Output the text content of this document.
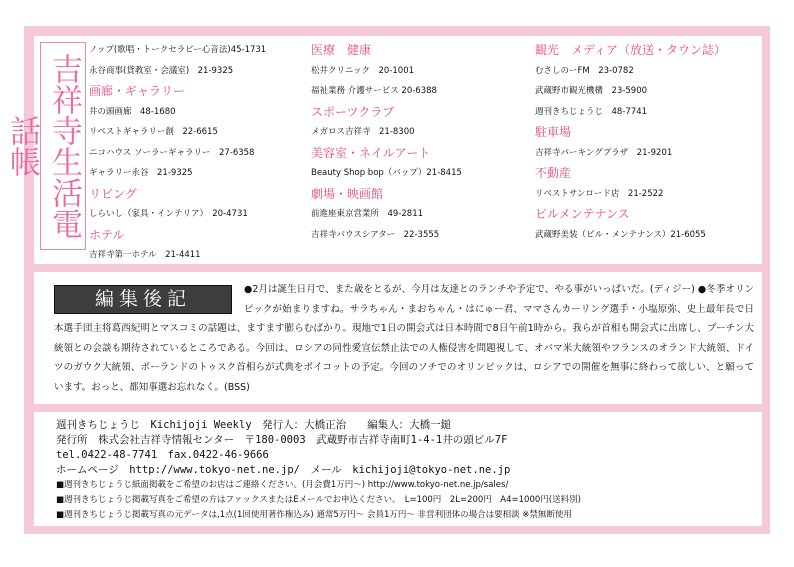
吉祥寺生活電話帳
ノップ(歌唱・トークセラピー心音法)45-1731
永谷商事(貸教室・会議室)　21-9325
画廊・ギャラリー
井の頭画廊　48-1680
リベストギャラリー創　22-6615
ニコハウス ソーラーギャラリー　27-6358
ギャラリー永谷　21-9325
リビング
しらいし（家具・インテリア）　20-4731
ホテル
吉祥寺第一ホテル　21-4411
医療　健康
松井クリニック　20-1001
福祉業務 介護サービス 20-6388
スポーツクラブ
メガロス吉祥寺　21-8300
美容室・ネイルアート
Beauty Shop bop（バップ）21-8415
劇場・映画館
前進座東京営業所　49-2811
吉祥寺バウスシアター　22-3555
観光　メディア（放送・タウン誌）
むさしのーFM　23-0782
武蔵野市観光機構　23-5900
週刊きちじょうじ　48-7741
駐車場
吉祥寺パーキングプラザ　21-9201
不動産
リベストサンロード店　21-2522
ビルメンテナンス
武蔵野美装（ビル・メンテナンス）21-6055
●2月は誕生日月で、また歳をとるが、今月は友達とのランチや予定で、やる事がいっぱいだ。(ディジー) ●冬季オリンピックが始まりますね。サラちゃん・まおちゃん・はにゅー君、ママさんカーリング選手・小塩原弥、史上最年長で日本選手団主将葛西紀明とマスコミの話題は、ますます膨らむばかり。現地で1日の開会式は日本時間で8日午前1時から。我らが首相も開会式に出席し、プーチン大統領との会談も期待されているところである。今回は、ロシアの同性愛宣伝禁止法での人権侵害を問題視して、オバマ米大統領やフランスのオランド大統領、ドイツのガウク大統領、ポーランドのトゥスク首相らが式典をボイコットの予定。今回のソチでのオリンピックは、ロシアでの開催を無事に終わって欲しい、と願っています。おっと、都知事選お忘れなく。(BSS)
編集後記
週刊きちじょうじ　Kichijoji Weekly　発行人：大橋正治　　編集人：大橋一鎚
発行所　株式会社吉祥寺情報センター　〒180-0003　武蔵野市吉祥寺南町1-4-1井の頭ビル7F
tel.0422-48-7741　fax.0422-46-9666
ホームページ　http://www.tokyo-net.ne.jp/　メール　kichijoji@tokyo-net.ne.jp
■週刊きちじょうじ紙面掲載をご希望のお店はご連絡ください。(月会費1万円～) http://www.tokyo-net.ne.jp/sales/
■週刊きちじょうじ掲載写真をご希望の方はファックスまたはEメールでお申込ください。　L=100円　2L=200円　A4=1000円(送料別)
■週刊きちじょうじ掲載写真の元データは,1点(1回使用著作権込み) 通常5万円～ 会員1万円～ 非営利団体の場合は要相談 ※禁無断使用
